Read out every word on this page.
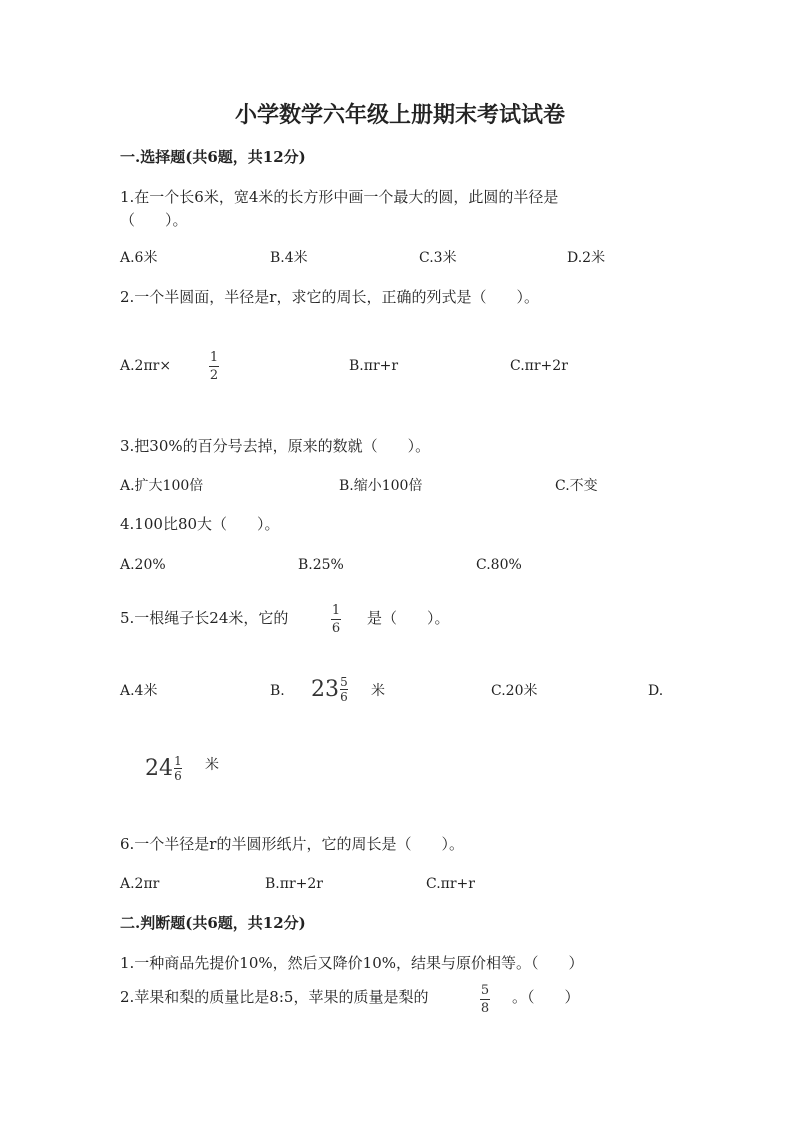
小学数学六年级上册期末考试试卷
一.选择题(共6题，共12分)
1.在一个长6米，宽4米的长方形中画一个最大的圆，此圆的半径是
（　　）。
A.6米	B.4米	C.3米	D.2米
2.一个半圆面，半径是r，求它的周长，正确的列式是（　　）。
A.2πr×
1
2
B.πr+r	C.πr+2r
3.把30%的百分号去掉，原来的数就（　　）。
A.扩大100倍	B.缩小100倍	C.不变
4.100比80大（　　）。
A.20%	B.25%	C.80%
5.一根绳子长24米，它的	1
6
是（　　）。
A.4米	B. 23 5
6 米	C.20米	D.
24 1
6
米
6.一个半径是r的半圆形纸片，它的周长是（　　）。
A.2πr	B.πr+2r	C.πr+r
二.判断题(共6题，共12分)
1.一种商品先提价10%，然后又降价10%，结果与原价相等。（　　）
2.苹果和梨的质量比是8:5，苹果的质量是梨的	5
8
。（　　）
